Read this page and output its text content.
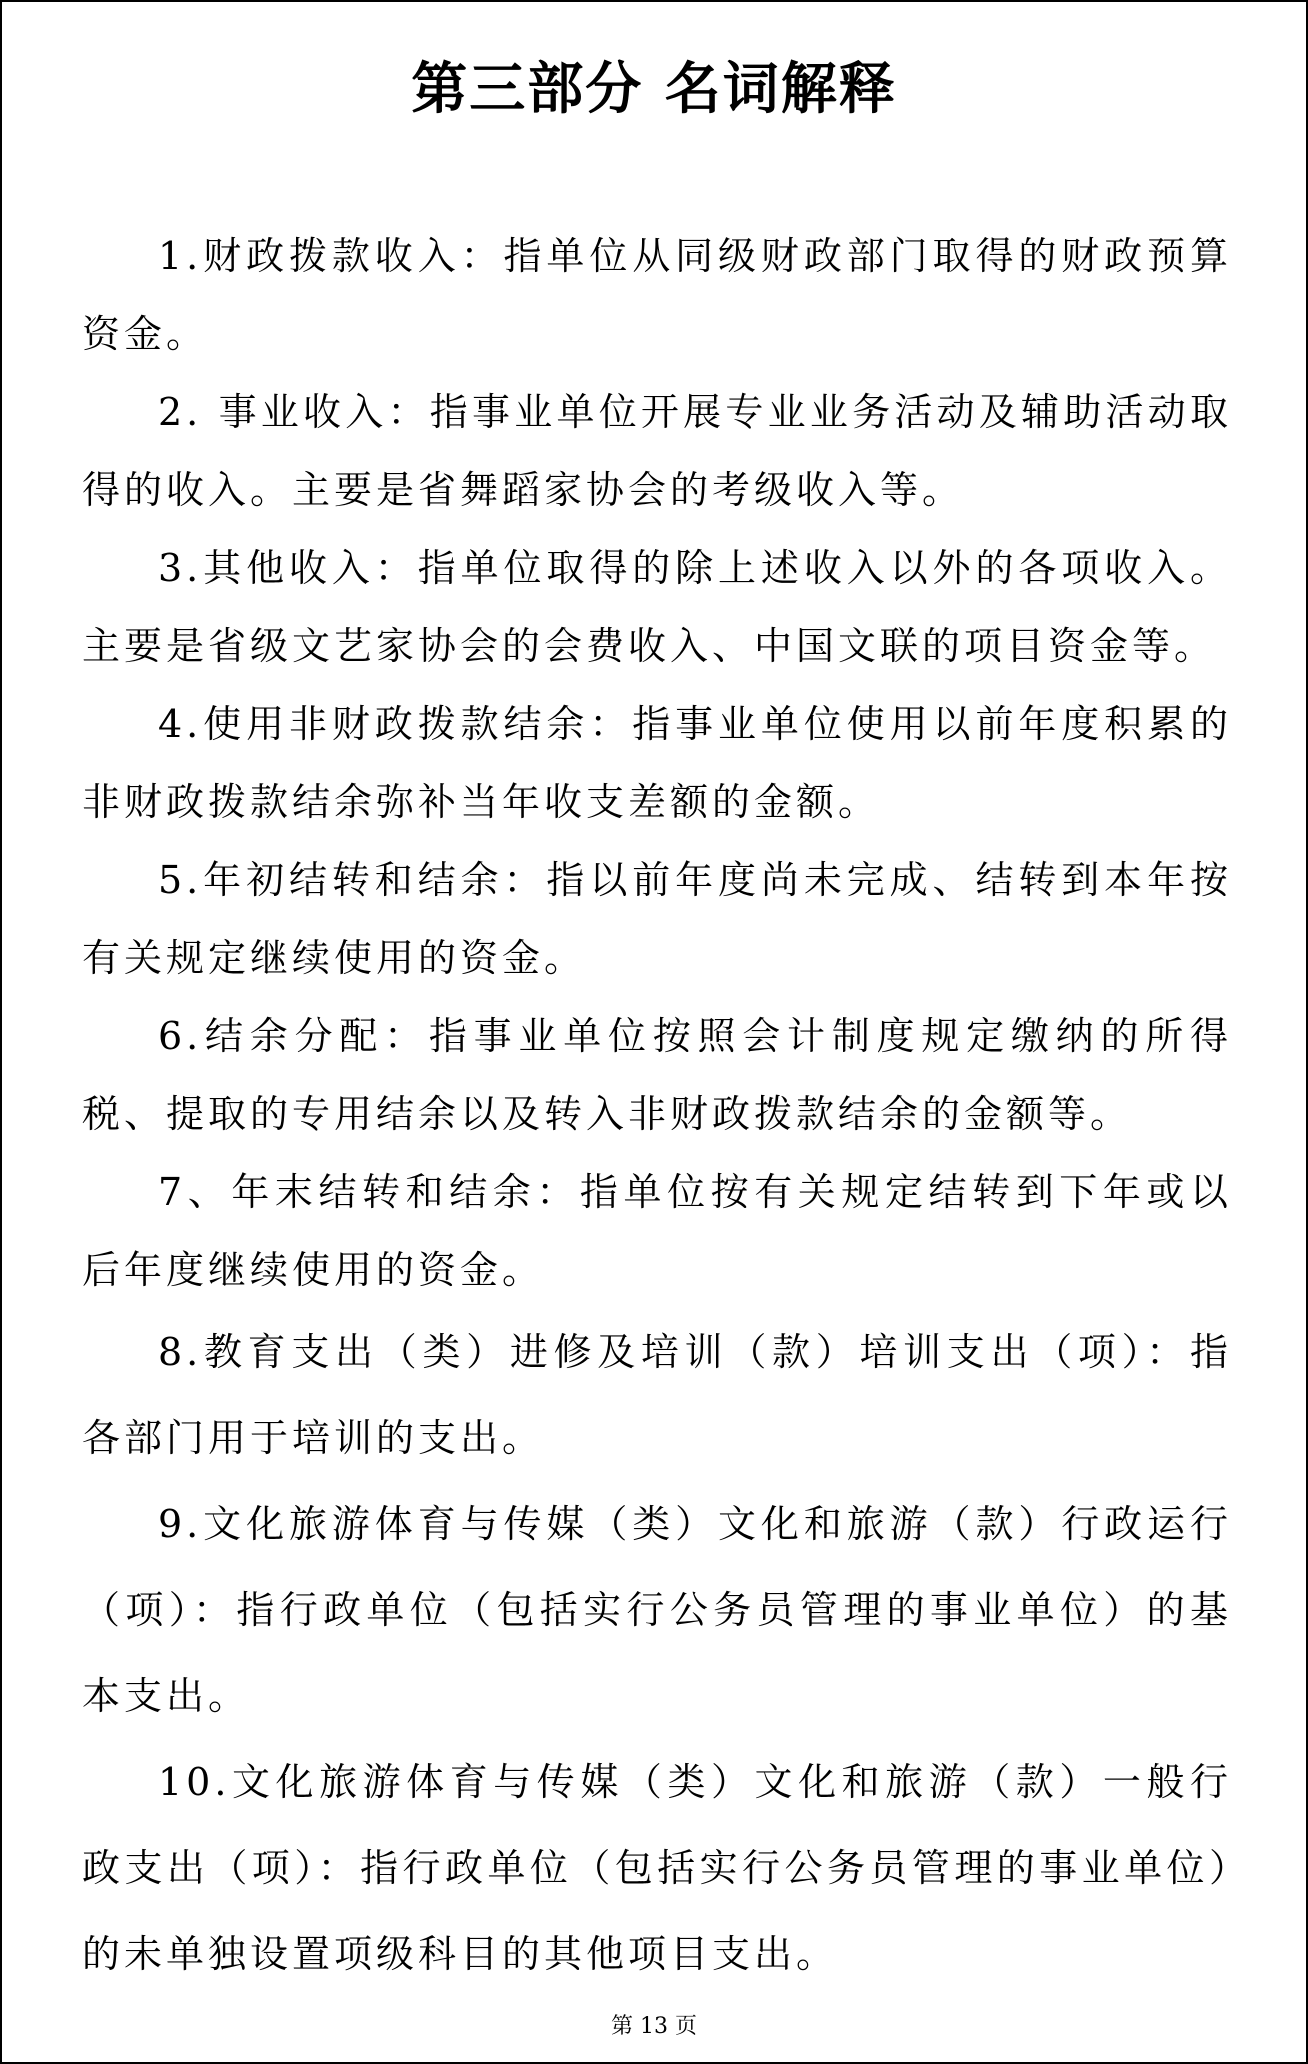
第三部分 名词解释

1.财政拨款收入：指单位从同级财政部门取得的财政预算资金。

2. 事业收入：指事业单位开展专业业务活动及辅助活动取得的收入。主要是省舞蹈家协会的考级收入等。

3.其他收入：指单位取得的除上述收入以外的各项收入。主要是省级文艺家协会的会费收入、中国文联的项目资金等。

4.使用非财政拨款结余：指事业单位使用以前年度积累的非财政拨款结余弥补当年收支差额的金额。

5.年初结转和结余：指以前年度尚未完成、结转到本年按有关规定继续使用的资金。

6.结余分配：指事业单位按照会计制度规定缴纳的所得税、提取的专用结余以及转入非财政拨款结余的金额等。

7、年末结转和结余：指单位按有关规定结转到下年或以后年度继续使用的资金。

8.教育支出（类）进修及培训（款）培训支出（项）：指各部门用于培训的支出。

9.文化旅游体育与传媒（类）文化和旅游（款）行政运行（项）：指行政单位（包括实行公务员管理的事业单位）的基本支出。

10.文化旅游体育与传媒（类）文化和旅游（款）一般行政支出（项）：指行政单位（包括实行公务员管理的事业单位）的未单独设置项级科目的其他项目支出。

第 13 页
